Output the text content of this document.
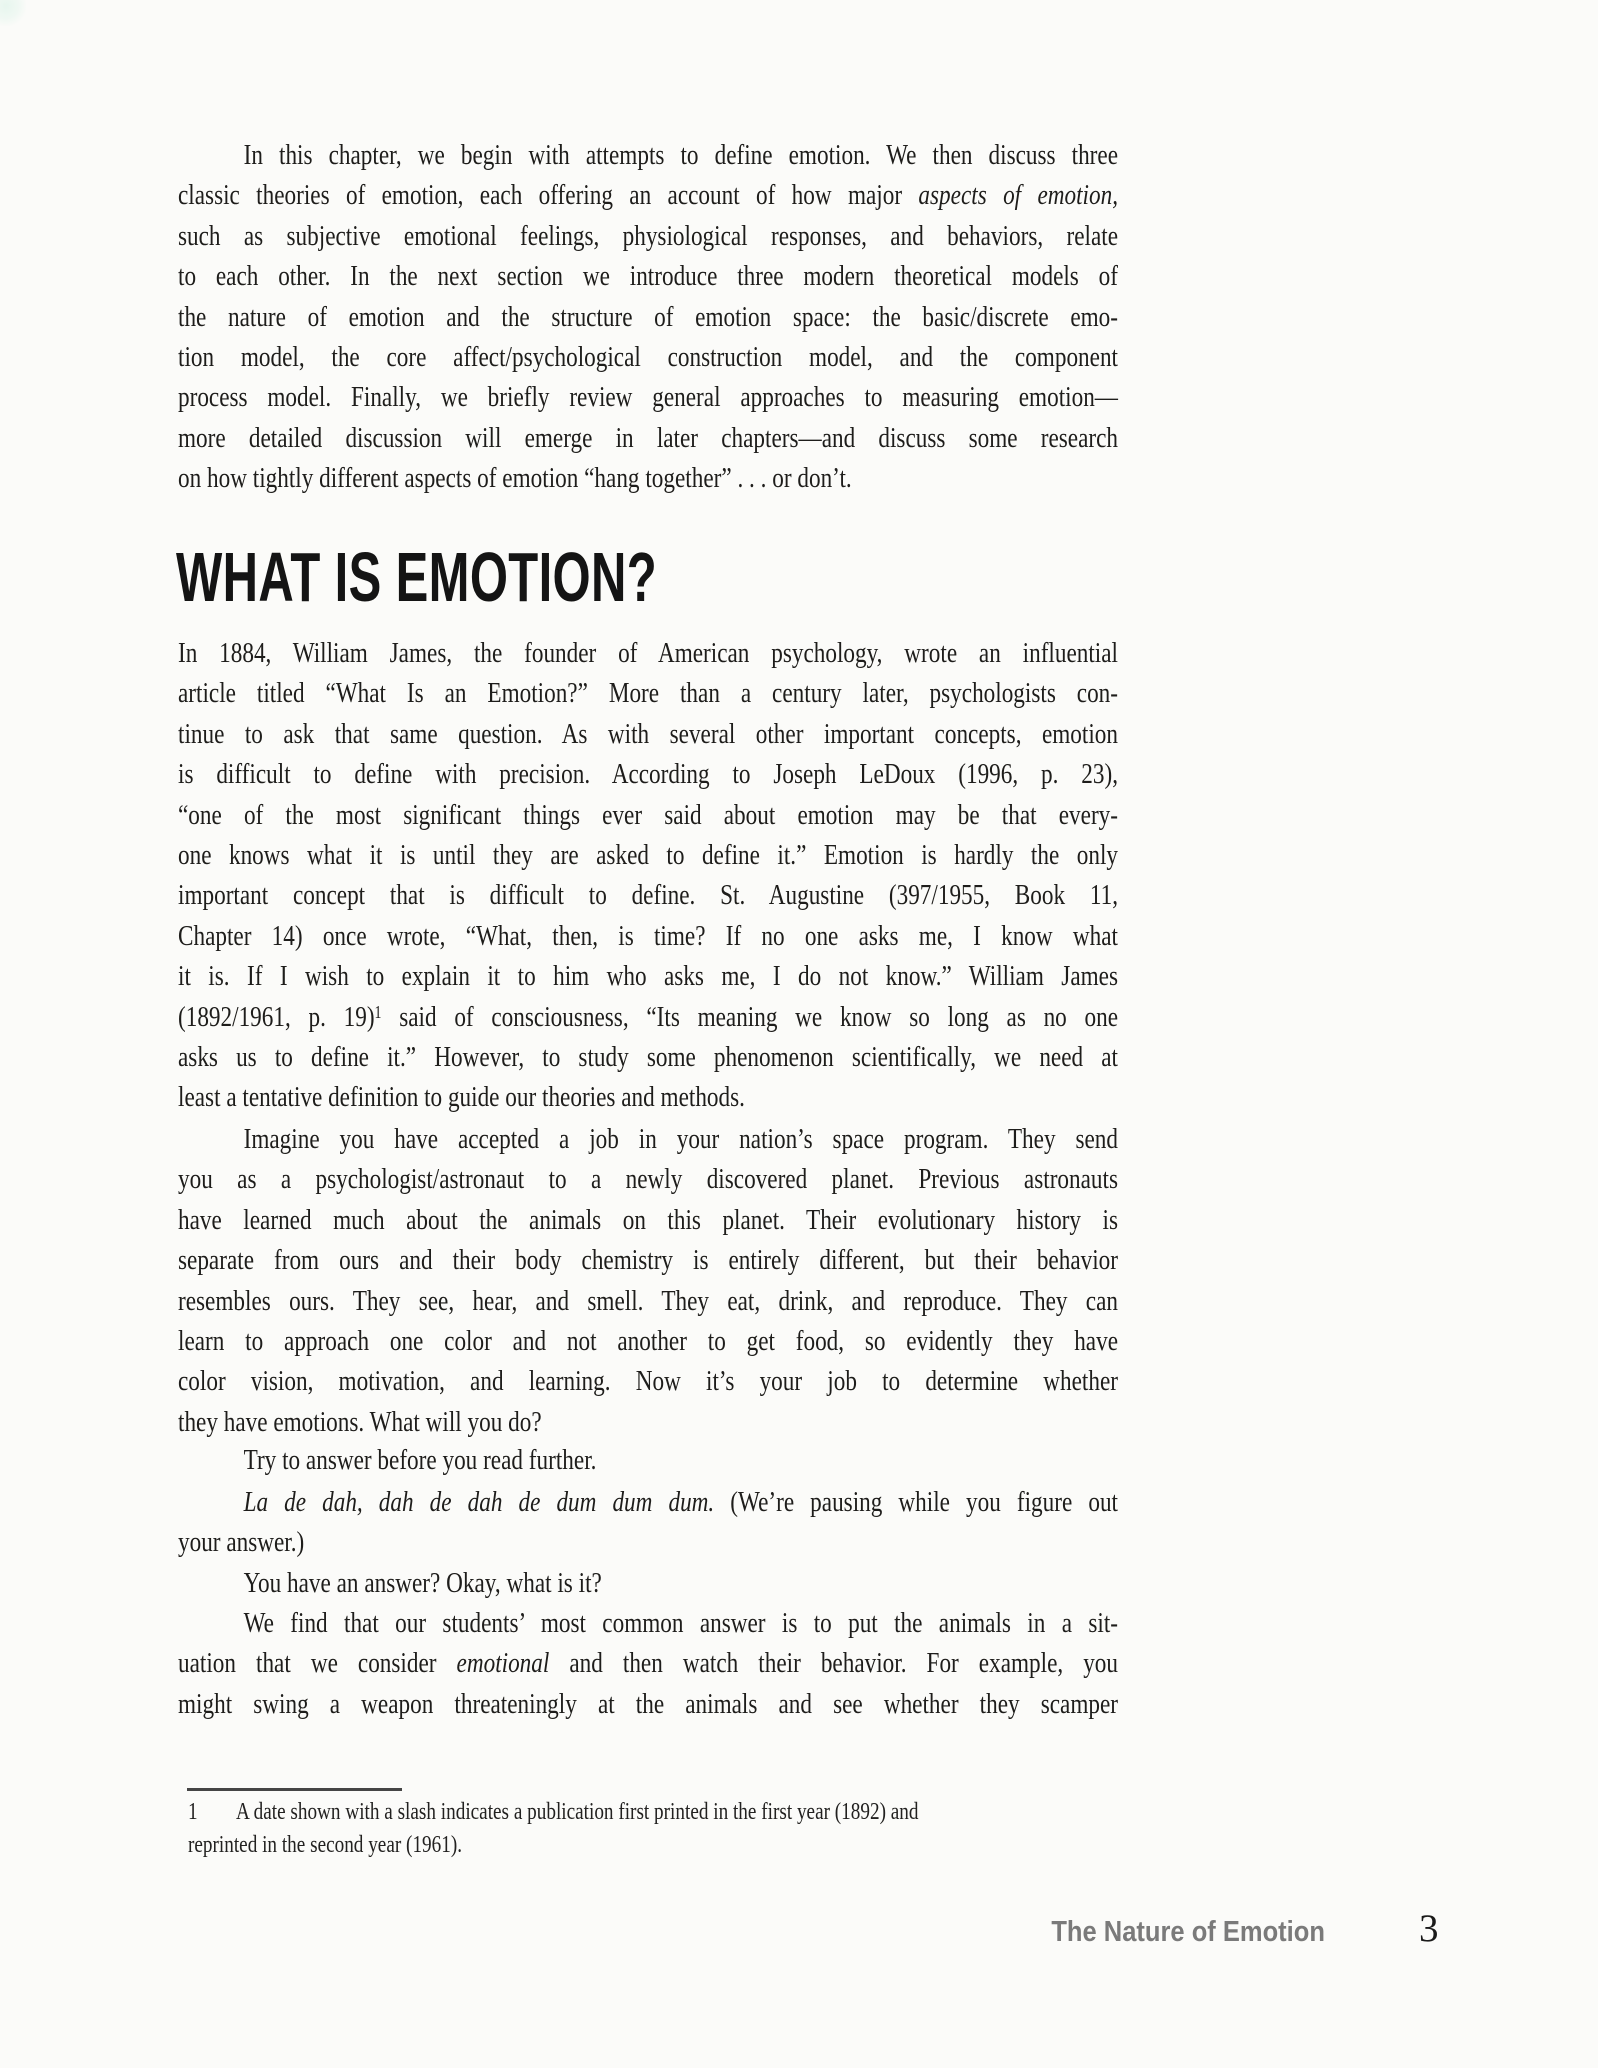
WHAT IS EMOTION?
The Nature of Emotion 3
In this chapter, we begin with attempts to define emotion. We then discuss three
classic theories of emotion, each offering an account of how major aspects of emotion,
such as subjective emotional feelings, physiological responses, and behaviors, relate
to each other. In the next section we introduce three modern theoretical models of
the nature of emotion and the structure of emotion space: the basic/discrete emo-
tion model, the core affect/psychological construction model, and the component
process model. Finally, we briefly review general approaches to measuring emotion—
more detailed discussion will emerge in later chapters—and discuss some research
on how tightly different aspects of emotion “hang together” . . . or don’t.
In 1884, William James, the founder of American psychology, wrote an influential
article titled “What Is an Emotion?” More than a century later, psychologists con-
tinue to ask that same question. As with several other important concepts, emotion
is difficult to define with precision. According to Joseph LeDoux (1996, p. 23),
“one of the most significant things ever said about emotion may be that every-
one knows what it is until they are asked to define it.” Emotion is hardly the only
important concept that is difficult to define. St. Augustine (397/1955, Book 11,
Chapter 14) once wrote, “What, then, is time? If no one asks me, I know what
it is. If I wish to explain it to him who asks me, I do not know.” William James
(1892/1961, p. 19)$^1$ said of consciousness, “Its meaning we know so long as no one
asks us to define it.” However, to study some phenomenon scientifically, we need at
least a tentative definition to guide our theories and methods.
Imagine you have accepted a job in your nation’s space program. They send
you as a psychologist/astronaut to a newly discovered planet. Previous astronauts
have learned much about the animals on this planet. Their evolutionary history is
separate from ours and their body chemistry is entirely different, but their behavior
resembles ours. They see, hear, and smell. They eat, drink, and reproduce. They can
learn to approach one color and not another to get food, so evidently they have
color vision, motivation, and learning. Now it’s your job to determine whether
they have emotions. What will you do?
Try to answer before you read further.
La de dah, dah de dah de dum dum dum. (We’re pausing while you figure out
your answer.)
You have an answer? Okay, what is it?
We find that our students’ most common answer is to put the animals in a sit-
uation that we consider emotional and then watch their behavior. For example, you
might swing a weapon threateningly at the animals and see whether they scamper
1  A date shown with a slash indicates a publication first printed in the first year (1892) and
reprinted in the second year (1961).
